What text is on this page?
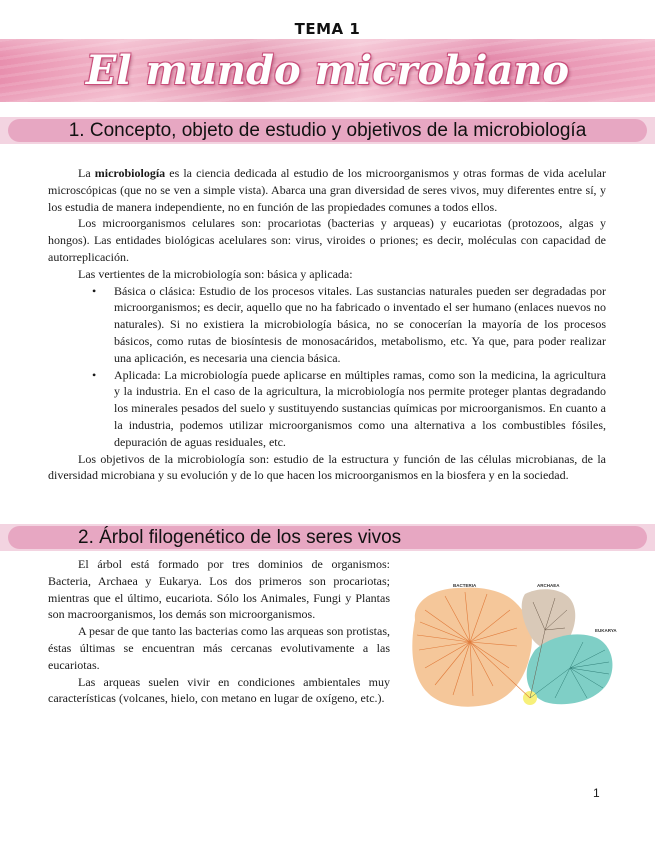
TEMA 1
El mundo microbiano
1. Concepto, objeto de estudio y objetivos de la microbiología

La microbiología es la ciencia dedicada al estudio de los microorganismos y otras formas de vida acelular microscópicas (que no se ven a simple vista). Abarca una gran diversidad de seres vivos, muy diferentes entre sí, y los estudia de manera independiente, no en función de las propiedades comunes a todos ellos.

Los microorganismos celulares son: procariotas (bacterias y arqueas) y eucariotas (protozoos, algas y hongos). Las entidades biológicas acelulares son: virus, viroides o priones; es decir, moléculas con capacidad de autorreplicación.

Las vertientes de la microbiología son: básica y aplicada:

• Básica o clásica: Estudio de los procesos vitales. Las sustancias naturales pueden ser degradadas por microorganismos; es decir, aquello que no ha fabricado o inventado el ser humano (enlaces nuevos no naturales). Si no existiera la microbiología básica, no se conocerían la mayoría de los procesos básicos, como rutas de biosíntesis de monosacáridos, metabolismo, etc. Ya que, para poder realizar una aplicación, es necesaria una ciencia básica.
• Aplicada: La microbiología puede aplicarse en múltiples ramas, como son la medicina, la agricultura y la industria. En el caso de la agricultura, la microbiología nos permite proteger plantas degradando los minerales pesados del suelo y sustituyendo sustancias químicas por microorganismos. En cuanto a la industria, podemos utilizar microorganismos como una alternativa a los combustibles fósiles, depuración de aguas residuales, etc.

Los objetivos de la microbiología son: estudio de la estructura y función de las células microbianas, de la diversidad microbiana y su evolución y de lo que hacen los microorganismos en la biosfera y en la sociedad.

2. Árbol filogenético de los seres vivos

El árbol está formado por tres dominios de organismos: Bacteria, Archaea y Eukarya. Los dos primeros son procariotas; mientras que el último, eucariota. Sólo los Animales, Fungi y Plantas son macroorganismos, los demás son microorganismos.

A pesar de que tanto las bacterias como las arqueas son protistas, éstas últimas se encuentran más cercanas evolutivamente a las eucariotas.

Las arqueas suelen vivir en condiciones ambientales muy características (volcanes, hielo, con metano en lugar de oxígeno, etc.).

BACTERIA	ARCHAEA
EUKARYA
1
